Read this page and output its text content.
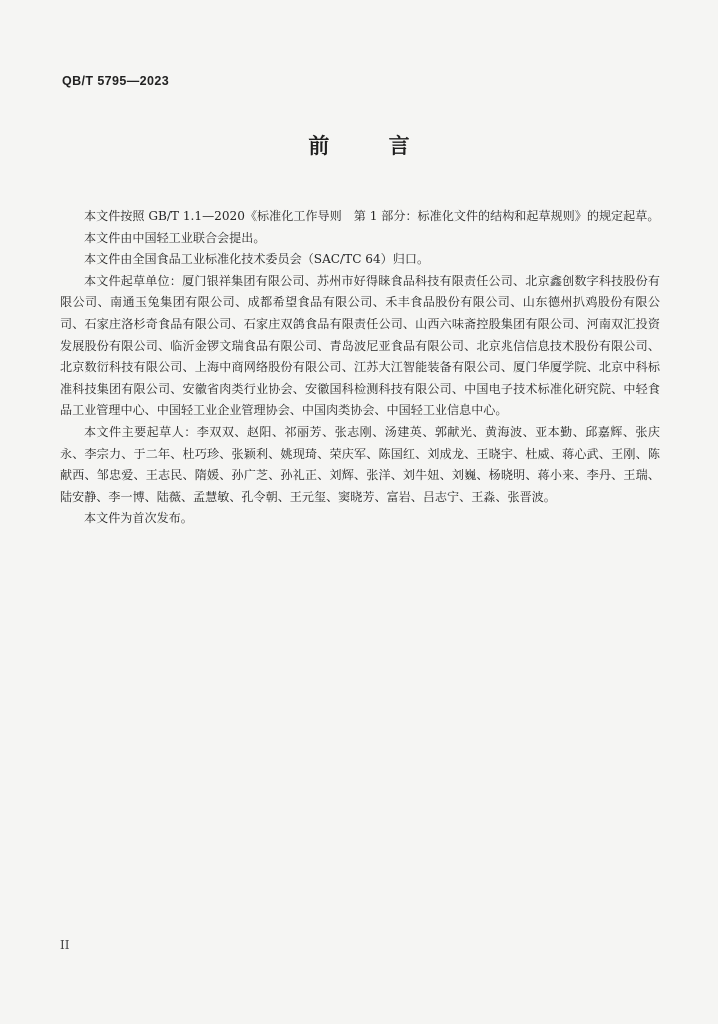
QB/T 5795—2023
前 言

本文件按照 GB/T 1.1—2020《标准化工作导则　第 1 部分：标准化文件的结构和起草规则》的规定起草。

本文件由中国轻工业联合会提出。

本文件由全国食品工业标准化技术委员会（SAC/TC 64）归口。

本文件起草单位：厦门银祥集团有限公司、苏州市好得睐食品科技有限责任公司、北京鑫创数字科技股份有限公司、南通玉兔集团有限公司、成都希望食品有限公司、禾丰食品股份有限公司、山东德州扒鸡股份有限公司、石家庄洛杉奇食品有限公司、石家庄双鸽食品有限责任公司、山西六味斋控股集团有限公司、河南双汇投资发展股份有限公司、临沂金锣文瑞食品有限公司、青岛波尼亚食品有限公司、北京兆信信息技术股份有限公司、北京数衍科技有限公司、上海中商网络股份有限公司、江苏大江智能装备有限公司、厦门华厦学院、北京中科标准科技集团有限公司、安徽省肉类行业协会、安徽国科检测科技有限公司、中国电子技术标准化研究院、中轻食品工业管理中心、中国轻工业企业管理协会、中国肉类协会、中国轻工业信息中心。

本文件主要起草人：李双双、赵阳、祁丽芳、张志刚、汤建英、郭献光、黄海波、亚本勤、邱嘉辉、张庆永、李宗力、于二年、杜巧珍、张颖利、姚现琦、荣庆军、陈国红、刘成龙、王晓宇、杜威、蒋心武、王刚、陈献西、邹忠爱、王志民、隋媛、孙广芝、孙礼正、刘辉、张洋、刘牛妞、刘巍、杨晓明、蒋小来、李丹、王瑞、陆安静、李一博、陆薇、孟慧敏、孔令朝、王元玺、窦晓芳、富岩、吕志宁、王淼、张晋波。

本文件为首次发布。

II
